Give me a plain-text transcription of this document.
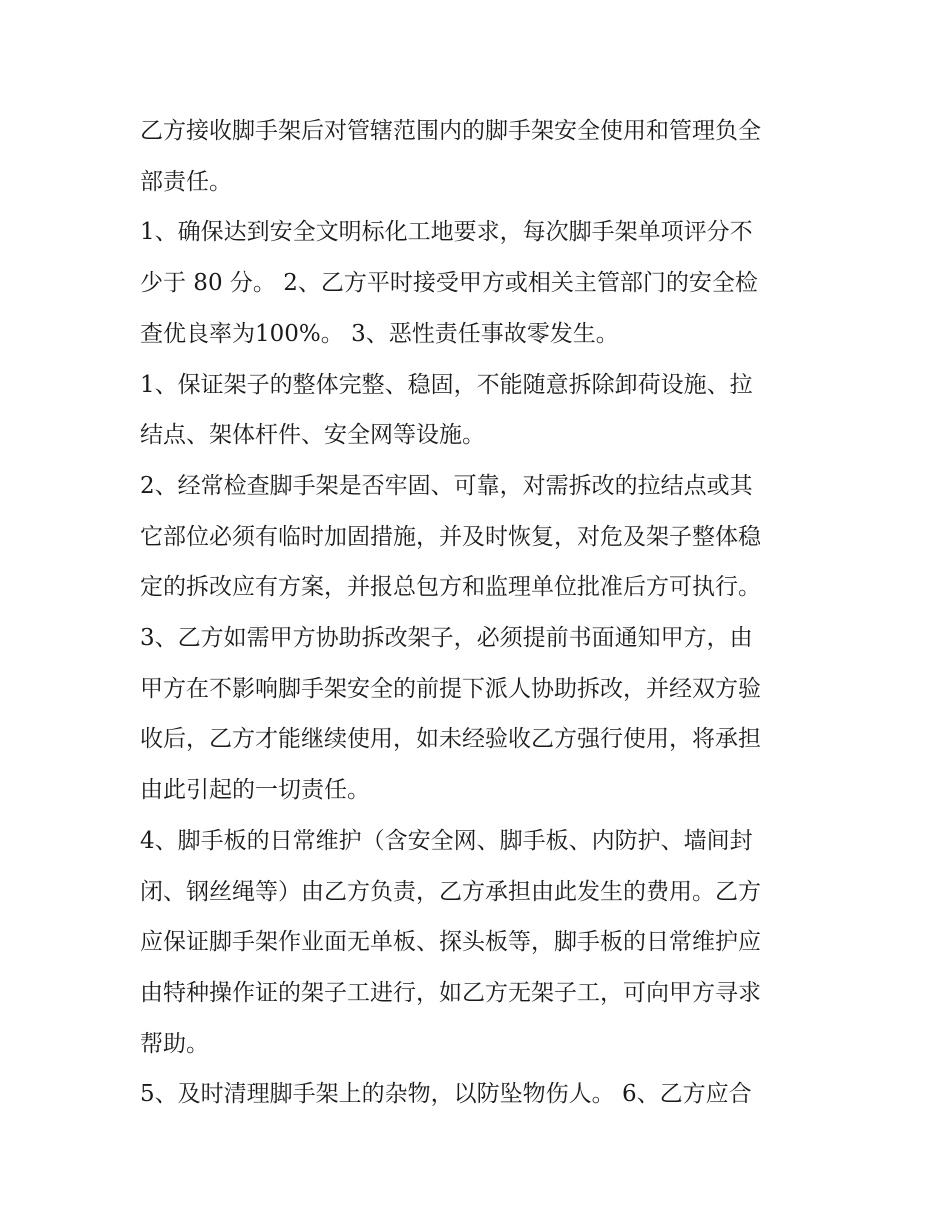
乙方接收脚手架后对管辖范围内的脚手架安全使用和管理负全
部责任。

1、确保达到安全文明标化工地要求，每次脚手架单项评分不
少于 80 分。 2、乙方平时接受甲方或相关主管部门的安全检
查优良率为100%。 3、恶性责任事故零发生。

1、保证架子的整体完整、稳固，不能随意拆除卸荷设施、拉
结点、架体杆件、安全网等设施。

2、经常检查脚手架是否牢固、可靠，对需拆改的拉结点或其
它部位必须有临时加固措施，并及时恢复，对危及架子整体稳
定的拆改应有方案，并报总包方和监理单位批准后方可执行。

3、乙方如需甲方协助拆改架子，必须提前书面通知甲方，由
甲方在不影响脚手架安全的前提下派人协助拆改，并经双方验
收后，乙方才能继续使用，如未经验收乙方强行使用，将承担
由此引起的一切责任。

4、脚手板的日常维护（含安全网、脚手板、内防护、墙间封
闭、钢丝绳等）由乙方负责，乙方承担由此发生的费用。乙方
应保证脚手架作业面无单板、探头板等，脚手板的日常维护应
由特种操作证的架子工进行，如乙方无架子工，可向甲方寻求
帮助。

5、及时清理脚手架上的杂物，以防坠物伤人。 6、乙方应合
